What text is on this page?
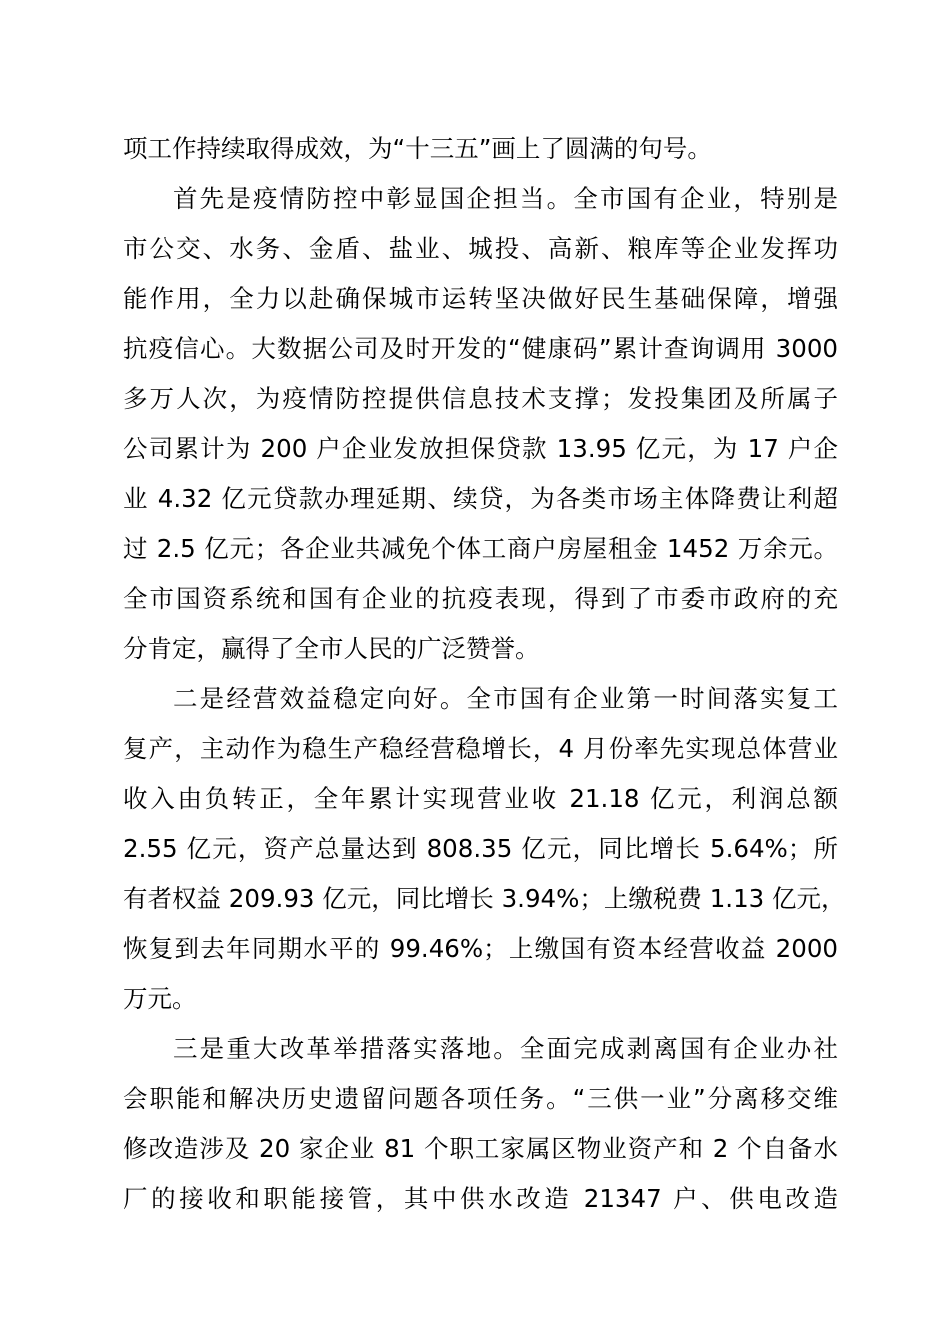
项工作持续取得成效，为“十三五”画上了圆满的句号。
首先是疫情防控中彰显国企担当。全市国有企业，特别是
市公交、水务、金盾、盐业、城投、高新、粮库等企业发挥功
能作用，全力以赴确保城市运转坚决做好民生基础保障，增强
抗疫信心。大数据公司及时开发的“健康码”累计查询调用 3000
多万人次，为疫情防控提供信息技术支撑；发投集团及所属子
公司累计为 200 户企业发放担保贷款 13.95 亿元，为 17 户企
业 4.32 亿元贷款办理延期、续贷，为各类市场主体降费让利超
过 2.5 亿元；各企业共减免个体工商户房屋租金 1452 万余元。
全市国资系统和国有企业的抗疫表现，得到了市委市政府的充
分肯定，赢得了全市人民的广泛赞誉。
二是经营效益稳定向好。全市国有企业第一时间落实复工
复产，主动作为稳生产稳经营稳增长，4 月份率先实现总体营业
收入由负转正，全年累计实现营业收 21.18 亿元，利润总额
2.55 亿元，资产总量达到 808.35 亿元，同比增长 5.64%；所
有者权益 209.93 亿元，同比增长 3.94%；上缴税费 1.13 亿元，
恢复到去年同期水平的 99.46%；上缴国有资本经营收益 2000
万元。
三是重大改革举措落实落地。全面完成剥离国有企业办社
会职能和解决历史遗留问题各项任务。“三供一业”分离移交维
修改造涉及 20 家企业 81 个职工家属区物业资产和 2 个自备水
厂的接收和职能接管，其中供水改造 21347 户、供电改造
